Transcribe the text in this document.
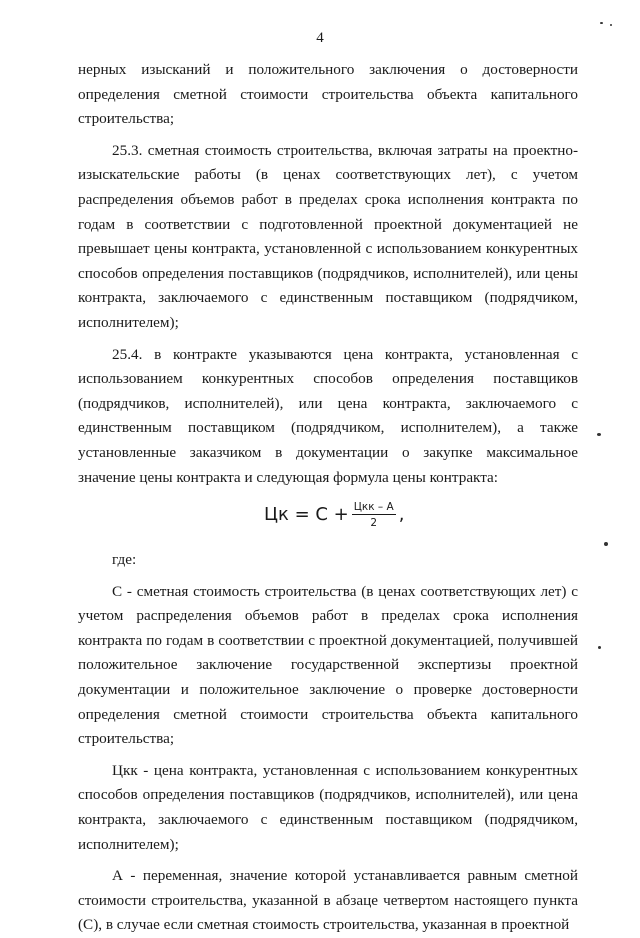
4

нерных изысканий и положительного заключения о достоверности определения сметной стоимости строительства объекта капитального строительства;

25.3. сметная стоимость строительства, включая затраты на проектно-изыскательские работы (в ценах соответствующих лет), с учетом распределения объемов работ в пределах срока исполнения контракта по годам в соответствии с подготовленной проектной документацией не превышает цены контракта, установленной с использованием конкурентных способов определения поставщиков (подрядчиков, исполнителей), или цены контракта, заключаемого с единственным поставщиком (подрядчиком, исполнителем);

25.4. в контракте указываются цена контракта, установленная с использованием конкурентных способов определения поставщиков (подрядчиков, исполнителей), или цена контракта, заключаемого с единственным поставщиком (подрядчиком, исполнителем), а также установленные заказчиком в документации о закупке максимальное значение цены контракта и следующая формула цены контракта:

Цк = $С + \frac{\text{Цкк – А}}{2}$ ,

где:

С - сметная стоимость строительства (в ценах соответствующих лет) с учетом распределения объемов работ в пределах срока исполнения контракта по годам в соответствии с проектной документацией, получившей положительное заключение государственной экспертизы проектной документации и положительное заключение о проверке достоверности определения сметной стоимости строительства объекта капитального строительства;

Цкк - цена контракта, установленная с использованием конкурентных способов определения поставщиков (подрядчиков, исполнителей), или цена контракта, заключаемого с единственным поставщиком (подрядчиком, исполнителем);

А - переменная, значение которой устанавливается равным сметной стоимости строительства, указанной в абзаце четвертом настоящего пункта (С), в случае если сметная стоимость строительства, указанная в проектной
